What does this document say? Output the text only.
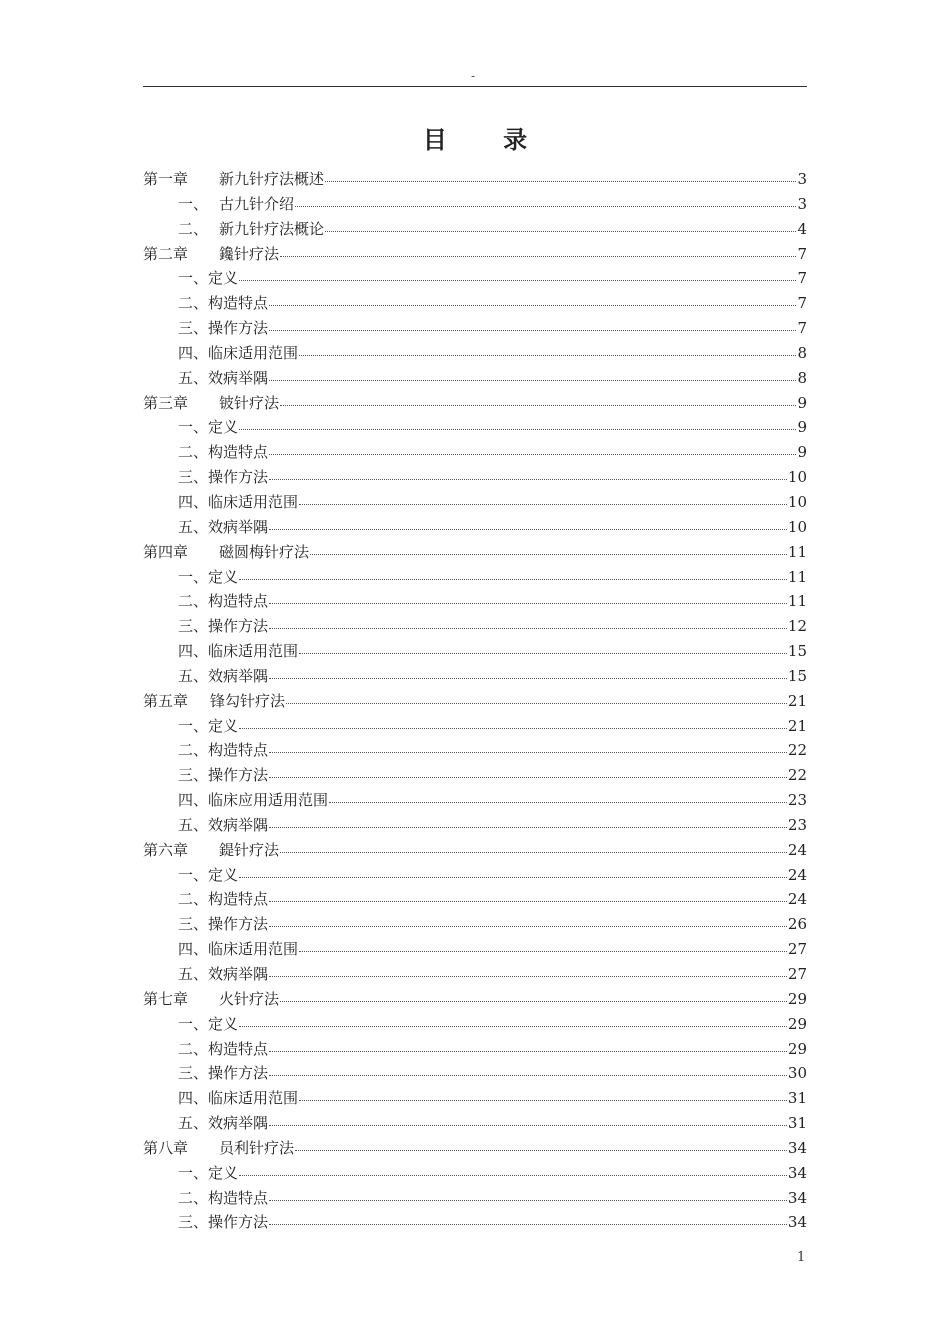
-
目 录
第一章	新九针疗法概述	3
一、 古九针介绍	3
二、 新九针疗法概论	4
第二章	鑱针疗法	7
一、 定义	7
二、 构造特点	7
三、 操作方法	7
四、 临床适用范围	8
五、 效病举隅	8
第三章	铍针疗法	9
一、 定义	9
二、 构造特点	9
三、 操作方法	10
四、 临床适用范围	10
五、 效病举隅	10
第四章	磁圆梅针疗法	11
一、 定义	11
二、 构造特点	11
三、 操作方法	12
四、 临床适用范围	15
五、 效病举隅	15
第五章	锋勾针疗法	21
一、 定义	21
二、 构造特点	22
三、 操作方法	22
四、 临床应用适用范围	23
五、 效病举隅	23
第六章	鍉针疗法	24
一、 定义	24
二、 构造特点	24
三、 操作方法	26
四、 临床适用范围	27
五、 效病举隅	27
第七章	火针疗法	29
一、 定义	29
二、 构造特点	29
三、 操作方法	30
四、 临床适用范围	31
五、 效病举隅	31
第八章	员利针疗法	34
一、 定义	34
二、 构造特点	34
三、 操作方法	34
1
